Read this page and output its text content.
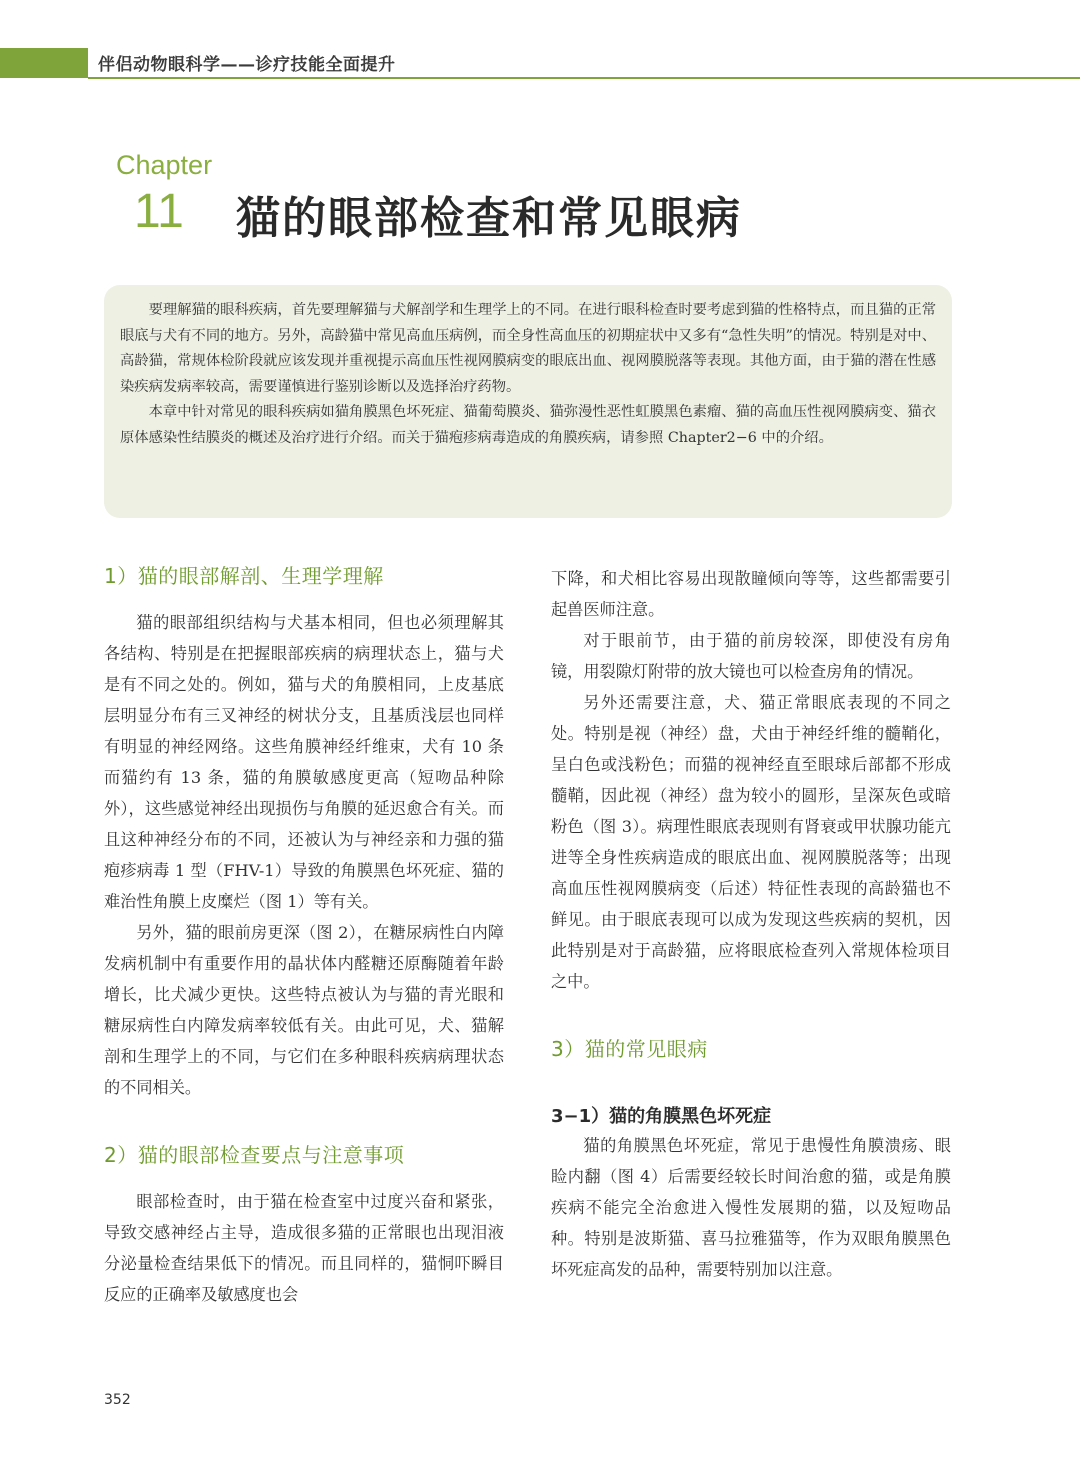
伴侣动物眼科学——诊疗技能全面提升
Chapter
11 猫的眼部检查和常见眼病

要理解猫的眼科疾病，首先要理解猫与犬解剖学和生理学上的不同。在进行眼科检查时要考虑到猫的性格特点，而且猫的正常眼底与犬有不同的地方。另外，高龄猫中常见高血压病例，而全身性高血压的初期症状中又多有“急性失明”的情况。特别是对中、高龄猫，常规体检阶段就应该发现并重视提示高血压性视网膜病变的眼底出血、视网膜脱落等表现。其他方面，由于猫的潜在性感染疾病发病率较高，需要谨慎进行鉴别诊断以及选择治疗药物。

本章中针对常见的眼科疾病如猫角膜黑色坏死症、猫葡萄膜炎、猫弥漫性恶性虹膜黑色素瘤、猫的高血压性视网膜病变、猫衣原体感染性结膜炎的概述及治疗进行介绍。而关于猫疱疹病毒造成的角膜疾病，请参照 Chapter2−6 中的介绍。

1）猫的眼部解剖、生理学理解

猫的眼部组织结构与犬基本相同，但也必须理解其各结构、特别是在把握眼部疾病的病理状态上，猫与犬是有不同之处的。例如，猫与犬的角膜相同，上皮基底层明显分布有三叉神经的树状分支，且基质浅层也同样有明显的神经网络。这些角膜神经纤维束，犬有 10 条而猫约有 13 条，猫的角膜敏感度更高（短吻品种除外），这些感觉神经出现损伤与角膜的延迟愈合有关。而且这种神经分布的不同，还被认为与神经亲和力强的猫疱疹病毒 1 型（FHV-1）导致的角膜黑色坏死症、猫的难治性角膜上皮糜烂（图 1）等有关。

另外，猫的眼前房更深（图 2），在糖尿病性白内障发病机制中有重要作用的晶状体内醛糖还原酶随着年龄增长，比犬减少更快。这些特点被认为与猫的青光眼和糖尿病性白内障发病率较低有关。由此可见，犬、猫解剖和生理学上的不同，与它们在多种眼科疾病病理状态的不同相关。

2）猫的眼部检查要点与注意事项

眼部检查时，由于猫在检查室中过度兴奋和紧张，导致交感神经占主导，造成很多猫的正常眼也出现泪液分泌量检查结果低下的情况。而且同样的，猫恫吓瞬目反应的正确率及敏感度也会

下降，和犬相比容易出现散瞳倾向等等，这些都需要引起兽医师注意。

对于眼前节，由于猫的前房较深，即使没有房角镜，用裂隙灯附带的放大镜也可以检查房角的情况。

另外还需要注意，犬、猫正常眼底表现的不同之处。特别是视（神经）盘，犬由于神经纤维的髓鞘化，呈白色或浅粉色；而猫的视神经直至眼球后部都不形成髓鞘，因此视（神经）盘为较小的圆形，呈深灰色或暗粉色（图 3）。病理性眼底表现则有肾衰或甲状腺功能亢进等全身性疾病造成的眼底出血、视网膜脱落等；出现高血压性视网膜病变（后述）特征性表现的高龄猫也不鲜见。由于眼底表现可以成为发现这些疾病的契机，因此特别是对于高龄猫，应将眼底检查列入常规体检项目之中。

3）猫的常见眼病
3−1）猫的角膜黑色坏死症

猫的角膜黑色坏死症，常见于患慢性角膜溃疡、眼睑内翻（图 4）后需要经较长时间治愈的猫，或是角膜疾病不能完全治愈进入慢性发展期的猫，以及短吻品种。特别是波斯猫、喜马拉雅猫等，作为双眼角膜黑色坏死症高发的品种，需要特别加以注意。

352
